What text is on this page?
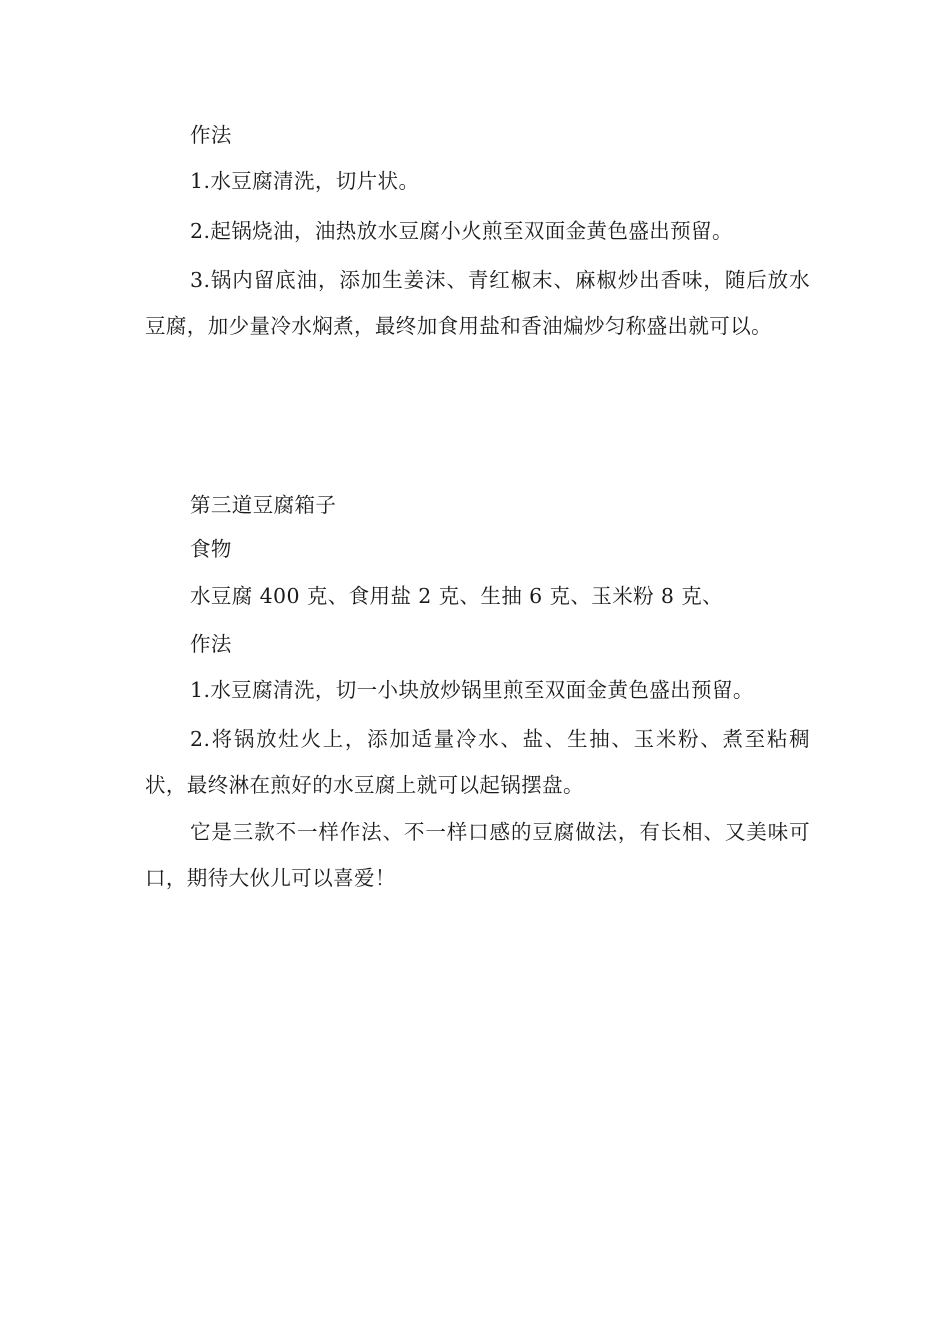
作法

1.水豆腐清洗，切片状。

2.起锅烧油，油热放水豆腐小火煎至双面金黄色盛出预留。

3.锅内留底油，添加生姜沫、青红椒末、麻椒炒出香味，随后放水豆腐，加少量冷水焖煮，最终加食用盐和香油煸炒匀称盛出就可以。

第三道豆腐箱子

食物

水豆腐 400 克、食用盐 2 克、生抽 6 克、玉米粉 8 克、

作法

1.水豆腐清洗，切一小块放炒锅里煎至双面金黄色盛出预留。

2.将锅放灶火上，添加适量冷水、盐、生抽、玉米粉、煮至粘稠状，最终淋在煎好的水豆腐上就可以起锅摆盘。

它是三款不一样作法、不一样口感的豆腐做法，有长相、又美味可口，期待大伙儿可以喜爱！
